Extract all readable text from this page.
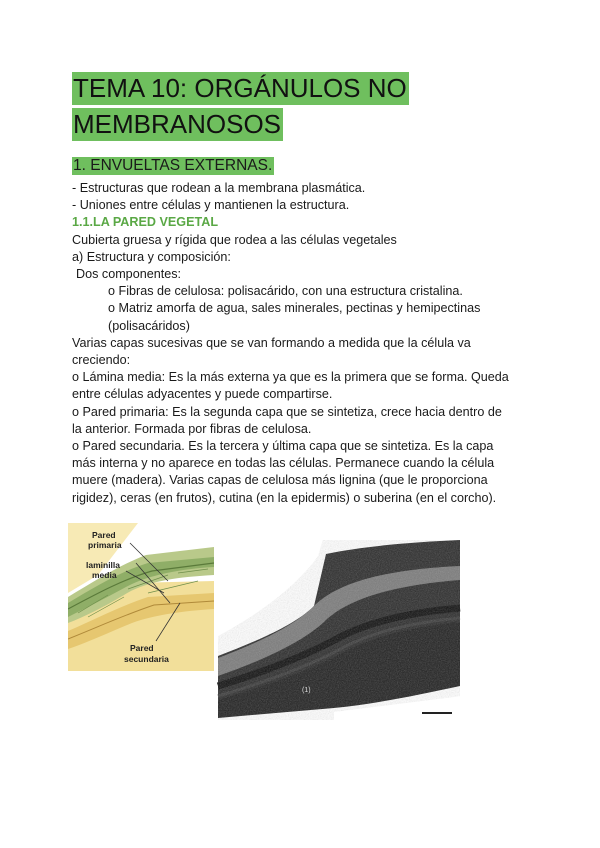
TEMA 10: ORGÁNULOS NO
MEMBRANOSOS
1. ENVUELTAS EXTERNAS.

- Estructuras que rodean a la membrana plasmática.

- Uniones entre células y mantienen la estructura.

1.1.LA PARED VEGETAL

Cubierta gruesa y rígida que rodea a las células vegetales

a) Estructura y composición:

Dos componentes:

o Fibras de celulosa: polisacárido, con una estructura cristalina.

o Matriz amorfa de agua, sales minerales, pectinas y hemipectinas

(polisacáridos)

Varias capas sucesivas que se van formando a medida que la célula va

creciendo:

o Lámina media: Es la más externa ya que es la primera que se forma. Queda

entre células adyacentes y puede compartirse.

o Pared primaria: Es la segunda capa que se sintetiza, crece hacia dentro de

la anterior. Formada por fibras de celulosa.

o Pared secundaria. Es la tercera y última capa que se sintetiza. Es la capa

más interna y no aparece en todas las células. Permanece cuando la célula

muere (madera). Varias capas de celulosa más lignina (que le proporciona

rigidez), ceras (en frutos), cutina (en la epidermis) o suberina (en el corcho).

Pared
primaria
laminilla
media
Pared
secundaria
(1)
